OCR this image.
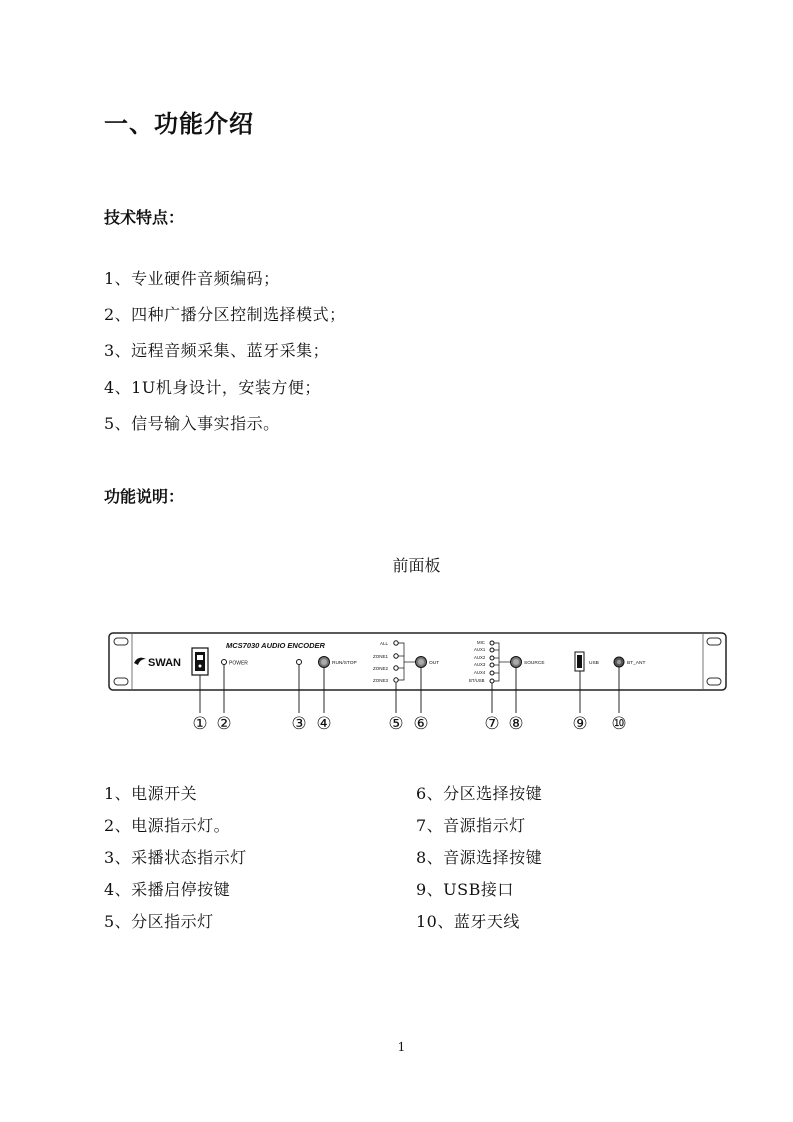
一、功能介绍
技术特点：
1、专业硬件音频编码；
2、四种广播分区控制选择模式；
3、远程音频采集、蓝牙采集；
4、1U机身设计，安装方便；
5、信号输入事实指示。
功能说明：
前面板
SWAN
MCS7030 AUDIO ENCODER
POWER	RUN/STOP
ALL
ZONE1
ZONE2
ZONE3
OUT
MIC
AUX1
AUX2
AUX3
AUX4
BT/USB
SOURCE	USB	BT_ANT
① ②	③ ④	⑤ ⑥	⑦ ⑧	⑨ ⑩
1、电源开关
2、电源指示灯。
3、采播状态指示灯
4、采播启停按键
5、分区指示灯
6、分区选择按键
7、音源指示灯
8、音源选择按键
9、USB接口
10、蓝牙天线
1
